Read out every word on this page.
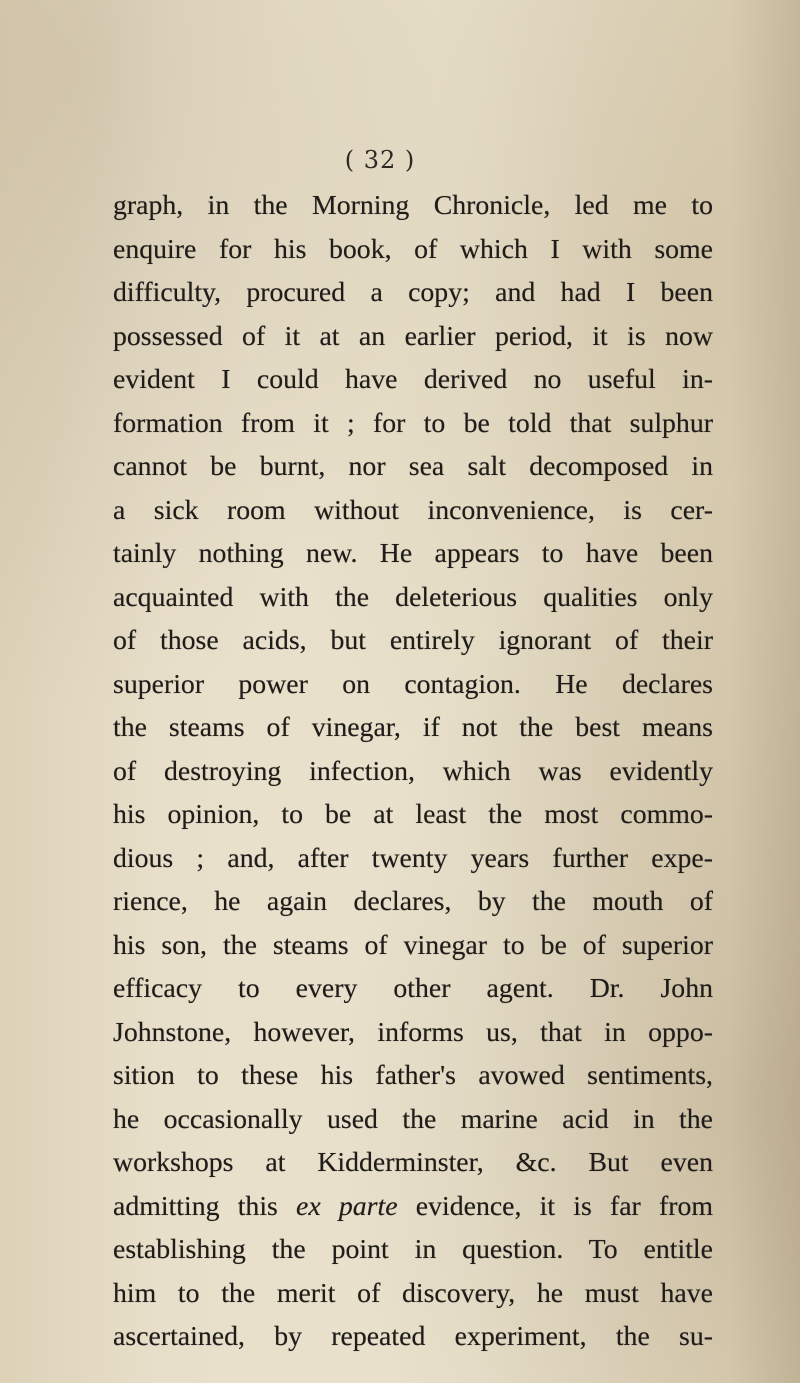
( 32 )
graph, in the Morning Chronicle, led me to
enquire for his book, of which I with some
difficulty, procured a copy; and had I been
possessed of it at an earlier period, it is now
evident I could have derived no useful in-
formation from it ; for to be told that sulphur
cannot be burnt, nor sea salt decomposed in
a sick room without inconvenience, is cer-
tainly nothing new. He appears to have been
acquainted with the deleterious qualities only
of those acids, but entirely ignorant of their
superior power on contagion. He declares
the steams of vinegar, if not the best means
of destroying infection, which was evidently
his opinion, to be at least the most commo-
dious ; and, after twenty years further expe-
rience, he again declares, by the mouth of
his son, the steams of vinegar to be of superior
efficacy to every other agent. Dr. John
Johnstone, however, informs us, that in oppo-
sition to these his father's avowed sentiments,
he occasionally used the marine acid in the
workshops at Kidderminster, &c. But even
admitting this ex parte evidence, it is far from
establishing the point in question. To entitle
him to the merit of discovery, he must have
ascertained, by repeated experiment, the su-
